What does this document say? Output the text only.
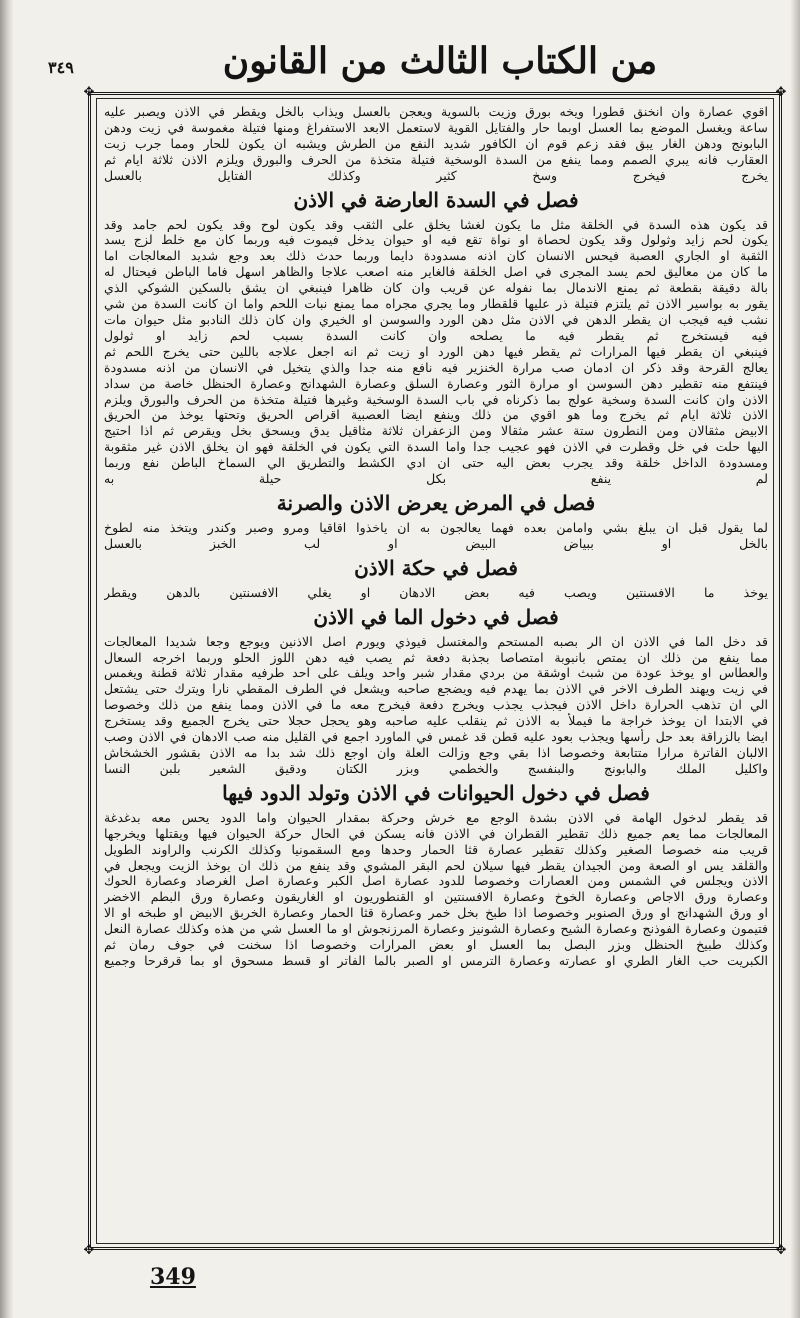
٣٤٩	من الكتاب الثالث من القانون
✥	✥
✥	✥
اقوي عصارة وان انخنق قطورا ويخه بورق وزيت بالسوية ويعجن بالعسل ويذاب بالخل ويقطر في الاذن ويصبر عليه
ساعة ويغسل الموضع بما العسل اوبما حار والفتايل القوية لاستعمل الابعد الاستفراغ ومنها فتيلة مغموسة في زيت ودهن
البابونج ودهن الغار يبق فقد زعم قوم ان الكافور شديد النفع من الطرش ويشبه ان يكون للحار ومما جرب زبت
العقارب فانه يبري الصمم ومما ينفع من السدة الوسخية فتيلة متخذة من الحرف والبورق ويلزم الاذن ثلاثة ايام ثم
يخرج فيخرج وسخ كثير وكذلك الفتايل بالعسل
فصل في السدة العارضة في الاذن
قد يكون هذه السدة في الخلقة مثل ما يكون لغشا يخلق على الثقب وقد يكون لوح وقد يكون لحم جامد وقد
يكون لحم زايد وثولول وقد يكون لحصاة او نواة تقع فيه او حيوان يدخل فيموت فيه وربما كان مع خلط لزج يسد
الثقبة او الجاري العصبة فيحس الانسان كان اذنه مسدودة دايما وربما حدث ذلك بعد وجع شديد المعالجات اما
ما كان من معاليق لحم يسد المجرى في اصل الخلقة فالغاير منه اصعب علاجا والظاهر اسهل فاما الباطن فيحتال له
بالة دقيقة بقطعة ثم يمنع الاندمال بما نفوله عن قريب وان كان ظاهرا فينبغي ان يشق بالسكين الشوكي الذي
يقور به بواسير الاذن ثم يلتزم فتيلة ذر عليها قلقطار وما يجري مجراه مما يمنع نبات اللحم واما ان كانت السدة من شي
نشب فيه فيجب ان يقطر الدهن في الاذن مثل دهن الورد والسوسن او الخيري وان كان ذلك النادبو مثل حيوان مات
فيه فيستخرج ثم يقطر فيه ما يصلحه وان كانت السدة بسبب لحم زايد او ثولول
فينبغي ان يقطر فيها المرارات ثم يقطر فيها دهن الورد او زيت ثم انه اجعل علاجه باللين حتى يخرج اللحم ثم
يعالج القرحة وقد ذكر ان ادمان صب مرارة الخنزير فيه نافع منه جدا والذي يتخيل في الانسان من اذنه مسدودة
فينتفع منه تقطير دهن السوسن او مرارة الثور وعصارة السلق وعصارة الشهدانج وعصارة الحنظل خاصة من سداد
الاذن وان كانت السدة وسخية عولج بما ذكرناه في باب السدة الوسخية وغيرها فتيلة متخذة من الحرف والبورق ويلزم
الاذن ثلاثة ايام ثم يخرج وما هو اقوي من ذلك وينفع ايضا العصبية اقراص الحريق وتحتها يوخذ من الحريق
الابيض مثقالان ومن النطرون ستة عشر مثقالا ومن الزعفران ثلاثة مثاقيل يدق ويسحق بخل ويقرص ثم اذا احتيج
اليها حلت في خل وقطرت في الاذن فهو عجيب جدا واما السدة التي يكون في الخلقة فهو ان يخلق الاذن غير مثقوبة
ومسدودة الداخل خلقة وقد يجرب بعض اليه حتى ان ادي الكشط والتطريق الي السماخ الباطن نفع وربما
لم ينفع بكل حيلة به
فصل في المرض يعرض الاذن والصرنة
لما يقول قبل ان يبلغ بشي وامامن بعده فهما يعالجون به ان ياخذوا اقاقيا ومرو وصبر وكندر ويتخذ منه لطوخ
بالخل او ببياض البيض او لب الخبز بالعسل
فصل في حكة الاذن
يوخذ ما الافسنتين ويصب فيه بعض الادهان او يغلي الافسنتين بالدهن ويقطر
فصل في دخول الما في الاذن
قد دخل الما في الاذن ان الر بصبه المستحم والمغتسل فيوذي ويورم اصل الاذنين ويوجع وجعا شديدا المعالجات
مما ينفع من ذلك ان يمتص بانبوبة امتصاصا بجذبة دفعة ثم يصب فيه دهن اللوز الحلو وربما اخرجه السعال
والعطاس او يوخذ عودة من شبث اوشقة من بردي مقدار شبر واحد ويلف على احد طرفيه مقدار ثلاثة قطنة ويغمس
في زيت ويهند الطرف الاخر في الاذن بما يهدم فيه ويضجع صاحبه ويشعل في الطرف المقطي نارا ويترك حتى يشتعل
الي ان تذهب الحرارة داخل الاذن فيجذب يجذب ويخرج دفعة فيخرج معه ما في الاذن ومما ينفع من ذلك وخصوصا
في الابتدا ان يوخذ خراجة ما فيملأ به الاذن ثم ينقلب عليه صاحبه وهو يحجل حجلا حتى يخرج الجميع وقد يستخرج
ايضا بالزراقة بعد حل رأسها ويجذب بعود عليه قطن قد غمس في الماورد اجمع في القليل منه صب الادهان في الاذن وصب
الالبان الفاترة مرارا متتابعة وخصوصا اذا بقي وجع وزالت العلة وان اوجع ذلك شد بدا مه الاذن بقشور الخشخاش
واكليل الملك والبابونج والبنفسج والخطمي وبزر الكتان ودقيق الشعير بلبن النسا
فصل في دخول الحيوانات في الاذن وتولد الدود فيها
قد يقطر لدخول الهامة في الاذن بشدة الوجع مع خرش وحركة بمقدار الحيوان واما الدود يحس معه بدغدغة
المعالجات مما يعم جميع ذلك تقطير القطران في الاذن فانه يسكن في الحال حركة الحيوان فيها ويقتلها ويخرجها
قريب منه خصوصا الصغير وكذلك تقطير عصارة قثا الحمار وحدها ومع السقمونيا وكذلك الكرنب والراوند الطويل
والقلقد يس او الصعة ومن الجيدان يقطر فيها سيلان لحم البقر المشوي وقد ينفع من ذلك ان يوخذ الزيت ويجعل في
الاذن ويجلس في الشمس ومن العصارات وخصوصا للدود عصارة اصل الكبر وعصارة اصل الغرصاد وعصارة الحوك
وعصارة ورق الاجاص وعصارة الخوخ وعصارة الافسنتين او القنطوريون او الغاريقون وعصارة ورق البطم الاخضر
او ورق الشهدانج او ورق الصنوبر وخصوصا اذا طبخ بخل خمر وعصارة قثا الحمار وعصارة الخربق الابيض او طبخه او الا
فتيمون وعصارة الفوذنج وعصارة الشيح وعصارة الشونيز وعصارة المرزنجوش او ما العسل شي من هذه وكذلك عصارة النعل
وكذلك طبيخ الحنظل وبزر البصل بما العسل او بعض المرارات وخصوصا اذا سخنت في جوف رمان ثم
الكبريت حب الغار الطري او عصارته وعصارة الترمس او الصبر بالما الفاتر او قسط مسحوق او بما قرقرحا وجميع
349
